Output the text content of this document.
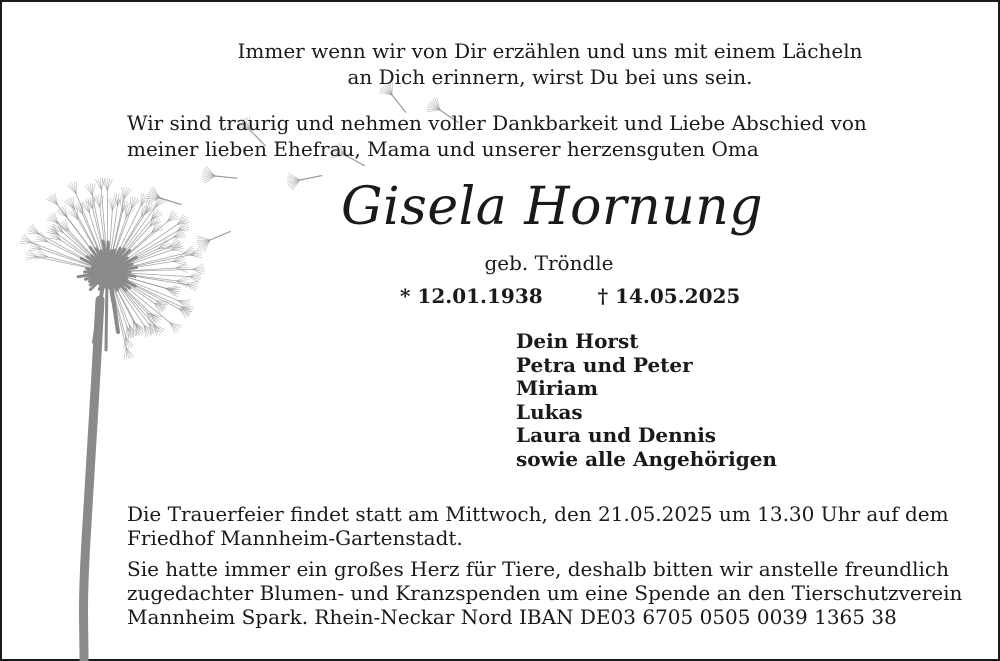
Immer wenn wir von Dir erzählen und uns mit einem Lächeln
an Dich erinnern, wirst Du bei uns sein.
Wir sind traurig und nehmen voller Dankbarkeit und Liebe Abschied von
meiner lieben Ehefrau, Mama und unserer herzensguten Oma
Gisela Hornung
geb. Tröndle
* 12.01.1938	† 14.05.2025
Dein Horst
Petra und Peter
Miriam
Lukas
Laura und Dennis
sowie alle Angehörigen
Die Trauerfeier findet statt am Mittwoch, den 21.05.2025 um 13.30 Uhr auf dem
Friedhof Mannheim-Gartenstadt.
Sie hatte immer ein großes Herz für Tiere, deshalb bitten wir anstelle freundlich
zugedachter Blumen- und Kranzspenden um eine Spende an den Tierschutzverein
Mannheim Spark. Rhein-Neckar Nord IBAN DE03 6705 0505 0039 1365 38
